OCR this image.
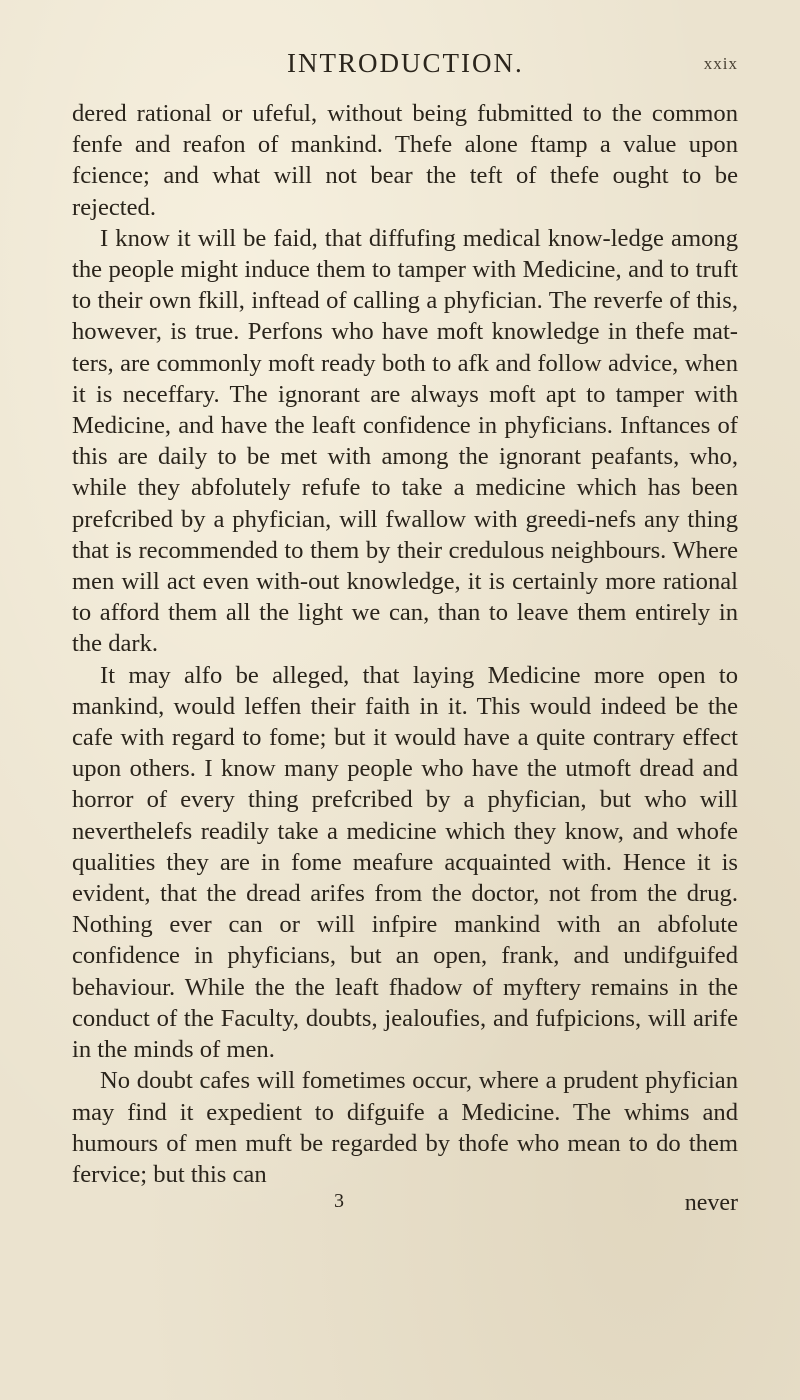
INTRODUCTION.	xxix

dered rational or ufeful, without being fubmitted to the common fenfe and reafon of mankind. Thefe alone ftamp a value upon fcience; and what will not bear the teft of thefe ought to be rejected.

I know it will be faid, that diffufing medical know-ledge among the people might induce them to tamper with Medicine, and to truft to their own fkill, inftead of calling a phyfician. The reverfe of this, however, is true. Perfons who have moft knowledge in thefe mat-ters, are commonly moft ready both to afk and follow advice, when it is neceffary. The ignorant are always moft apt to tamper with Medicine, and have the leaft confidence in phyficians. Inftances of this are daily to be met with among the ignorant peafants, who, while they abfolutely refufe to take a medicine which has been prefcribed by a phyfician, will fwallow with greedi-nefs any thing that is recommended to them by their credulous neighbours. Where men will act even with-out knowledge, it is certainly more rational to afford them all the light we can, than to leave them entirely in the dark.

It may alfo be alleged, that laying Medicine more open to mankind, would leffen their faith in it. This would indeed be the cafe with regard to fome; but it would have a quite contrary effect upon others. I know many people who have the utmoft dread and horror of every thing prefcribed by a phyfician, but who will neverthelefs readily take a medicine which they know, and whofe qualities they are in fome meafure acquainted with. Hence it is evident, that the dread arifes from the doctor, not from the drug. Nothing ever can or will infpire mankind with an abfolute confidence in phyficians, but an open, frank, and undifguifed behaviour. While the the leaft fhadow of myftery remains in the conduct of the Faculty, doubts, jealoufies, and fufpicions, will arife in the minds of men.

No doubt cafes will fometimes occur, where a prudent phyfician may find it expedient to difguife a Medicine. The whims and humours of men muft be regarded by thofe who mean to do them fervice; but this can

3	never
